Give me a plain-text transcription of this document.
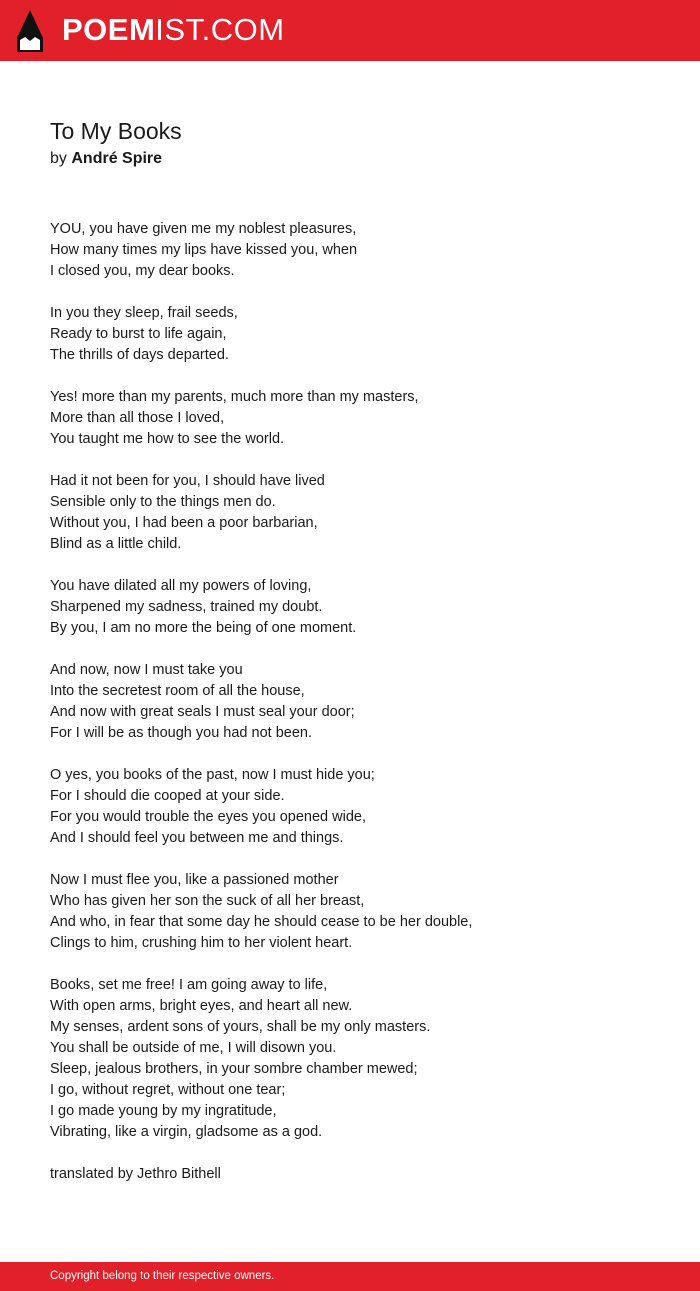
POEMIST.COM
To My Books
by André Spire
YOU, you have given me my noblest pleasures,
How many times my lips have kissed you, when
I closed you, my dear books.
In you they sleep, frail seeds,
Ready to burst to life again,
The thrills of days departed.
Yes! more than my parents, much more than my masters,
More than all those I loved,
You taught me how to see the world.
Had it not been for you, I should have lived
Sensible only to the things men do.
Without you, I had been a poor barbarian,
Blind as a little child.
You have dilated all my powers of loving,
Sharpened my sadness, trained my doubt.
By you, I am no more the being of one moment.
And now, now I must take you
Into the secretest room of all the house,
And now with great seals I must seal your door;
For I will be as though you had not been.
O yes, you books of the past, now I must hide you;
For I should die cooped at your side.
For you would trouble the eyes you opened wide,
And I should feel you between me and things.
Now I must flee you, like a passioned mother
Who has given her son the suck of all her breast,
And who, in fear that some day he should cease to be her double,
Clings to him, crushing him to her violent heart.
Books, set me free! I am going away to life,
With open arms, bright eyes, and heart all new.
My senses, ardent sons of yours, shall be my only masters.
You shall be outside of me, I will disown you.
Sleep, jealous brothers, in your sombre chamber mewed;
I go, without regret, without one tear;
I go made young by my ingratitude,
Vibrating, like a virgin, gladsome as a god.
translated by Jethro Bithell
Copyright belong to their respective owners.
